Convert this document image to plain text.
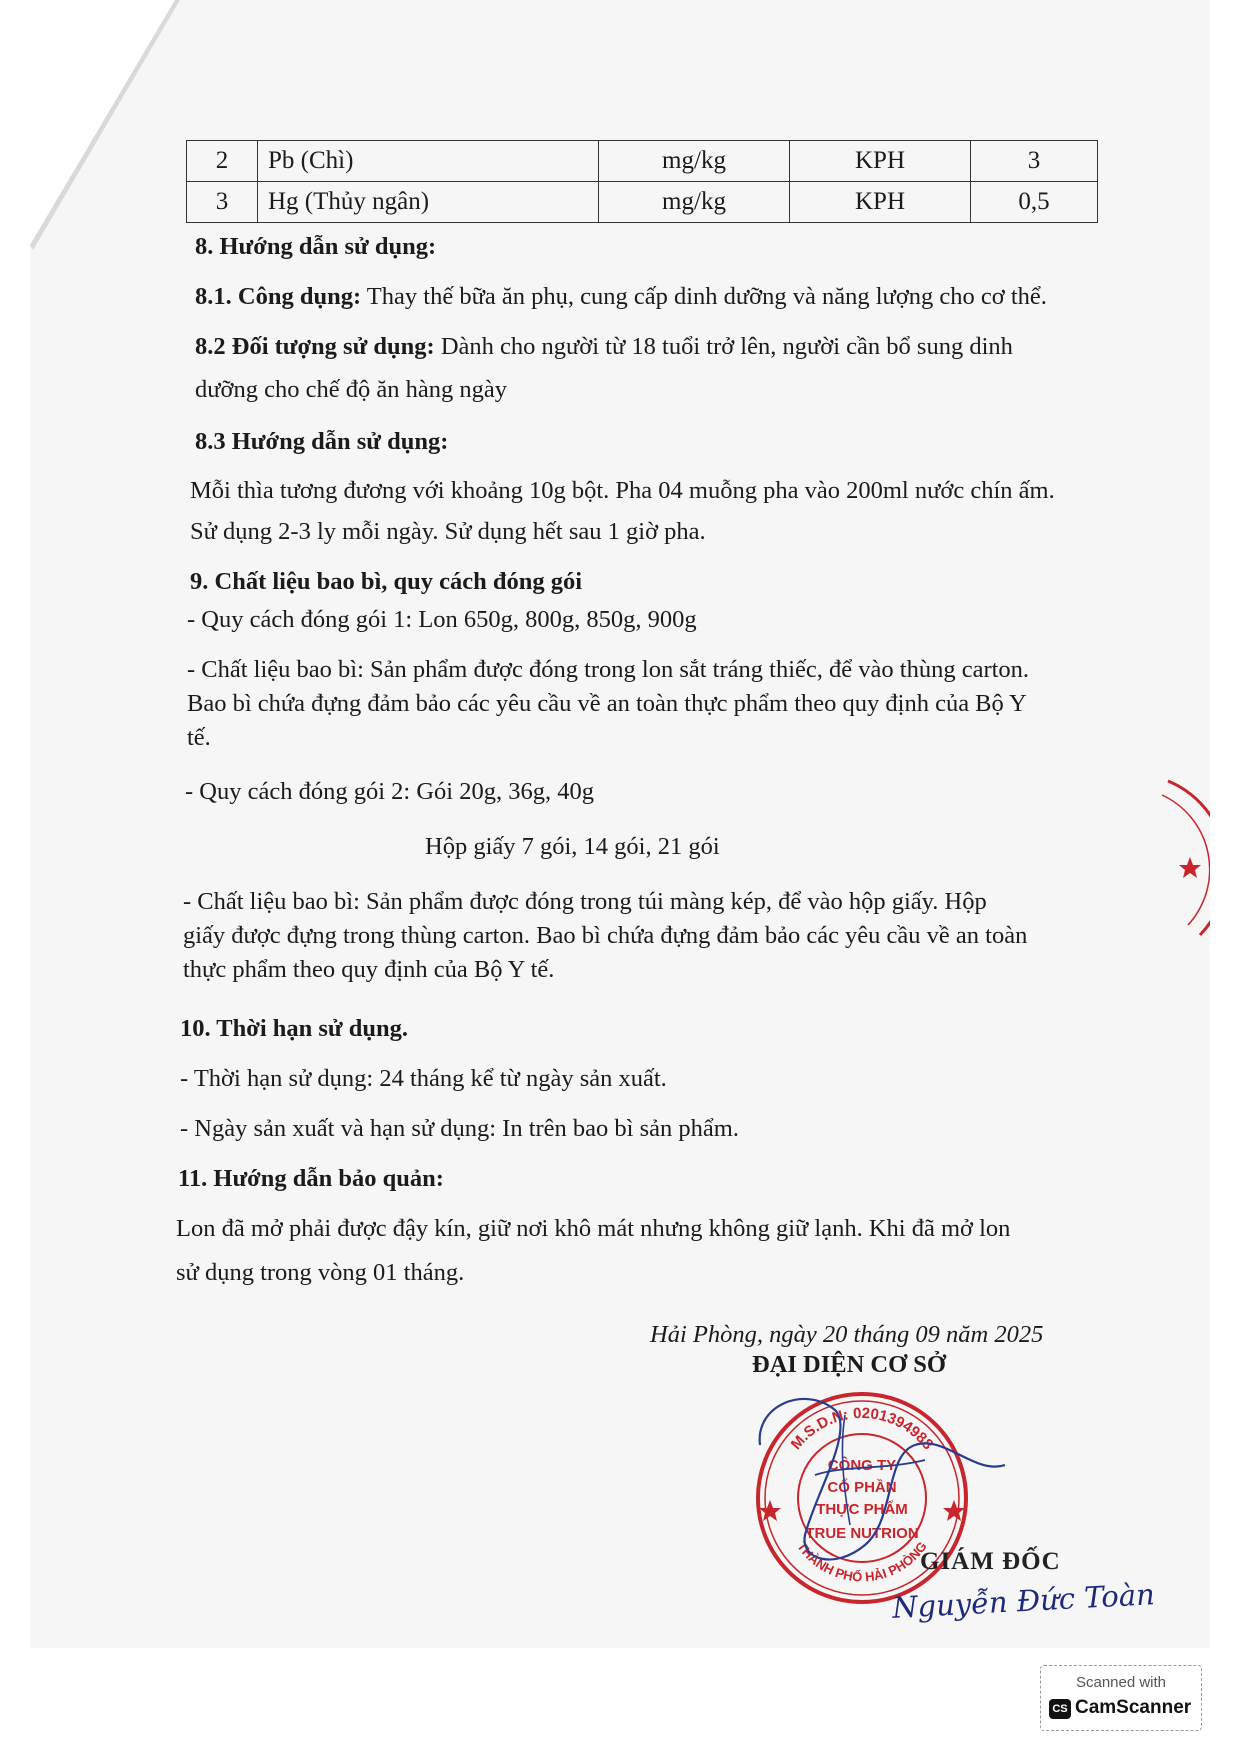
2	Pb (Chì)	mg/kg	KPH	3
3	Hg (Thủy ngân)	mg/kg	KPH	0,5
8. Hướng dẫn sử dụng:
8.1. Công dụng: Thay thế bữa ăn phụ, cung cấp dinh dưỡng và năng lượng cho cơ thể.
8.2 Đối tượng sử dụng: Dành cho người từ 18 tuổi trở lên, người cần bổ sung dinh
dưỡng cho chế độ ăn hàng ngày
8.3 Hướng dẫn sử dụng:
Mỗi thìa tương đương với khoảng 10g bột. Pha 04 muỗng pha vào 200ml nước chín ấm.
Sử dụng 2-3 ly mỗi ngày. Sử dụng hết sau 1 giờ pha.
9. Chất liệu bao bì, quy cách đóng gói
- Quy cách đóng gói 1: Lon 650g, 800g, 850g, 900g
- Chất liệu bao bì: Sản phẩm được đóng trong lon sắt tráng thiếc, để vào thùng carton.
Bao bì chứa đựng đảm bảo các yêu cầu về an toàn thực phẩm theo quy định của Bộ Y
tế.
- Quy cách đóng gói 2: Gói 20g, 36g, 40g
Hộp giấy 7 gói, 14 gói, 21 gói
- Chất liệu bao bì: Sản phẩm được đóng trong túi màng kép, để vào hộp giấy. Hộp
giấy được đựng trong thùng carton. Bao bì chứa đựng đảm bảo các yêu cầu về an toàn
thực phẩm theo quy định của Bộ Y tế.
10. Thời hạn sử dụng.
- Thời hạn sử dụng: 24 tháng kể từ ngày sản xuất.
- Ngày sản xuất và hạn sử dụng: In trên bao bì sản phẩm.
11. Hướng dẫn bảo quản:
Lon đã mở phải được đậy kín, giữ nơi khô mát nhưng không giữ lạnh. Khi đã mở lon
sử dụng trong vòng 01 tháng.
Hải Phòng, ngày 20 tháng 09 năm 2025
ĐẠI DIỆN CƠ SỞ
M.S.D.N: 0201394988
THÀNH PHỐ HẢI PHÒNG
CÔNG TY
CỔ PHẦN
THỰC PHẨM
TRUE NUTRION
GIÁM ĐỐC
Nguyễn Đức Toàn
Scanned with
CS CamScanner
